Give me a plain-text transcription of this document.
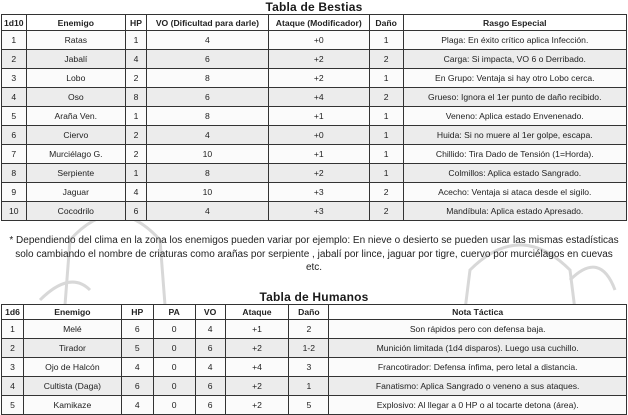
Tabla de Bestias
1d10	Enemigo	HP	VO (Dificultad para darle)	Ataque (Modificador)	Daño	Rasgo Especial
1	Ratas	1	4	+0	1	Plaga: En éxito crítico aplica Infección.
2	Jabalí	4	6	+2	2	Carga: Si impacta, VO 6 o Derribado.
3	Lobo	2	8	+2	1	En Grupo: Ventaja si hay otro Lobo cerca.
4	Oso	8	6	+4	2	Grueso: Ignora el 1er punto de daño recibido.
5	Araña Ven.	1	8	+1	1	Veneno: Aplica estado Envenenado.
6	Ciervo	2	4	+0	1	Huida: Si no muere al 1er golpe, escapa.
7	Murciélago G.	2	10	+1	1	Chillido: Tira Dado de Tensión (1=Horda).
8	Serpiente	1	8	+2	1	Colmillos: Aplica estado Sangrado.
9	Jaguar	4	10	+3	2	Acecho: Ventaja si ataca desde el sigilo.
10	Cocodrilo	6	4	+3	2	Mandíbula: Aplica estado Apresado.
* Dependiendo del clima en la zona los enemigos pueden variar por ejemplo: En nieve o desierto se pueden usar las mismas estadísticas solo cambiando el nombre de criaturas como arañas por serpiente , jabalí por lince, jaguar por tigre, cuervo por murciélagos en cuevas etc.
Tabla de Humanos
1d6	Enemigo	HP	PA	VO	Ataque	Daño	Nota Táctica
1	Melé	6	0	4	+1	2	Son rápidos pero con defensa baja.
2	Tirador	5	0	6	+2	1-2	Munición limitada (1d4 disparos). Luego usa cuchillo.
3	Ojo de Halcón	4	0	4	+4	3	Francotirador: Defensa ínfima, pero letal a distancia.
4	Cultista (Daga)	6	0	6	+2	1	Fanatismo: Aplica Sangrado o veneno a sus ataques.
5	Kamikaze	4	0	6	+2	5	Explosivo: Al llegar a 0 HP o al tocarte detona (área).
